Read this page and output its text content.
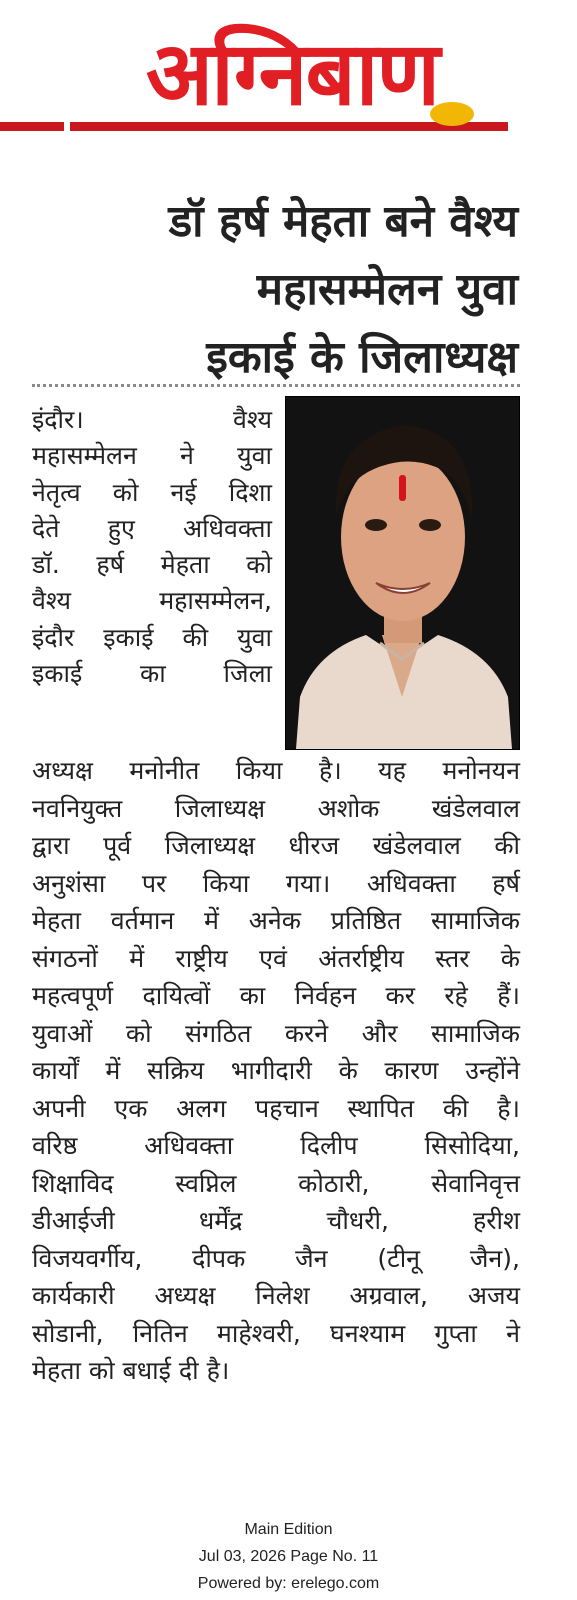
अग्निबाण
डॉ हर्ष मेहता बने वैश्य
महासम्मेलन युवा
इकाई के जिलाध्यक्ष
इंदौर। वैश्य
महासम्मेलन ने युवा
नेतृत्व को नई दिशा
देते हुए अधिवक्ता
डॉ. हर्ष मेहता को
वैश्य महासम्मेलन,
इंदौर इकाई की युवा
इकाई का जिला
अध्यक्ष मनोनीत किया है। यह मनोनयन
नवनियुक्त जिलाध्यक्ष अशोक खंडेलवाल
द्वारा पूर्व जिलाध्यक्ष धीरज खंडेलवाल की
अनुशंसा पर किया गया। अधिवक्ता हर्ष
मेहता वर्तमान में अनेक प्रतिष्ठित सामाजिक
संगठनों में राष्ट्रीय एवं अंतर्राष्ट्रीय स्तर के
महत्वपूर्ण दायित्वों का निर्वहन कर रहे हैं।
युवाओं को संगठित करने और सामाजिक
कार्यों में सक्रिय भागीदारी के कारण उन्होंने
अपनी एक अलग पहचान स्थापित की है।
वरिष्ठ अधिवक्ता दिलीप सिसोदिया,
शिक्षाविद स्वप्निल कोठारी, सेवानिवृत्त
डीआईजी धर्मेंद्र चौधरी, हरीश
विजयवर्गीय, दीपक जैन (टीनू जैन),
कार्यकारी अध्यक्ष निलेश अग्रवाल, अजय
सोडानी, नितिन माहेश्वरी, घनश्याम गुप्ता ने
मेहता को बधाई दी है।
Main Edition
Jul 03, 2026 Page No. 11
Powered by: erelego.com
